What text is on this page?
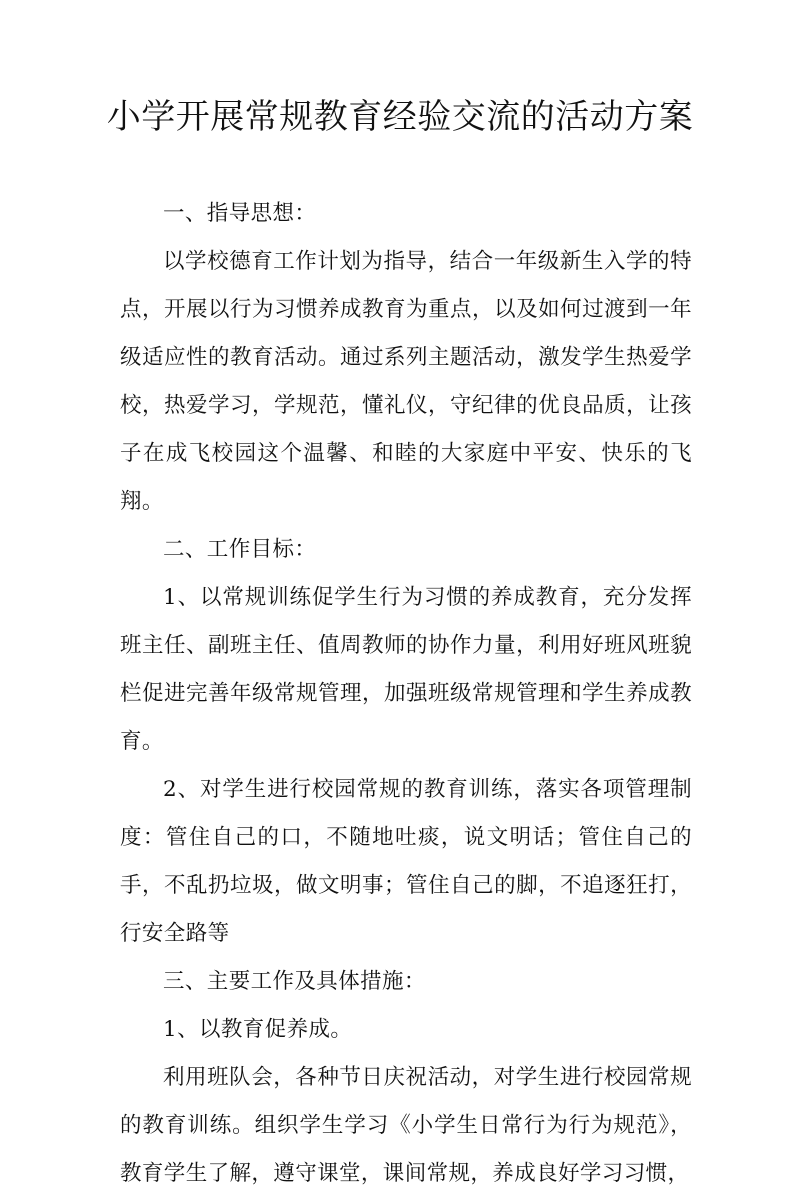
小学开展常规教育经验交流的活动方案

一、指导思想：

以学校德育工作计划为指导，结合一年级新生入学的特点，开展以行为习惯养成教育为重点，以及如何过渡到一年级适应性的教育活动。通过系列主题活动，激发学生热爱学校，热爱学习，学规范，懂礼仪，守纪律的优良品质，让孩子在成飞校园这个温馨、和睦的大家庭中平安、快乐的飞翔。

二、工作目标：

1、以常规训练促学生行为习惯的养成教育，充分发挥班主任、副班主任、值周教师的协作力量，利用好班风班貌栏促进完善年级常规管理，加强班级常规管理和学生养成教育。

2、对学生进行校园常规的教育训练，落实各项管理制度：管住自己的口，不随地吐痰，说文明话；管住自己的手，不乱扔垃圾，做文明事；管住自己的脚，不追逐狂打，行安全路等

三、主要工作及具体措施：

1、以教育促养成。

利用班队会，各种节日庆祝活动，对学生进行校园常规的教育训练。组织学生学习《小学生日常行为行为规范》，教育学生了解，遵守课堂，课间常规，养成良好学习习惯，
